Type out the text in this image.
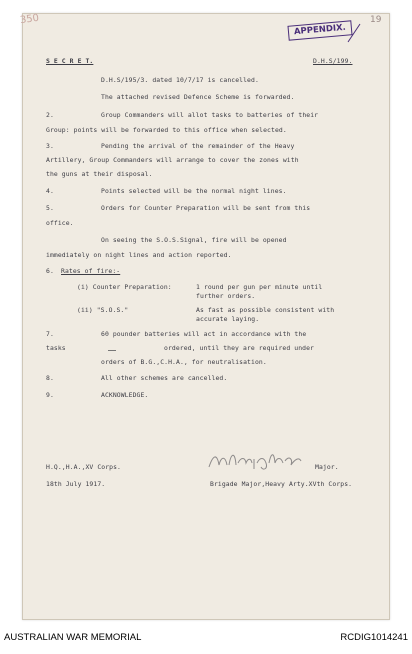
350	19
APPENDIX.
S E C R E T.	D.H.S/199.
D.H.S/195/3. dated 10/7/17 is cancelled.
The attached revised Defence Scheme is forwarded.
2.	Group Commanders will allot tasks to batteries of their
Group: points will be forwarded to this office when selected.
3.	Pending the arrival of the remainder of the Heavy
Artillery, Group Commanders will arrange to cover the zones with
the guns at their disposal.
4.	Points selected will be the normal night lines.
5.	Orders for Counter Preparation will be sent from this
office.
On seeing the S.O.S.Signal, fire will be opened
immediately on night lines and action reported.
6. Rates of fire:-
(i) Counter Preparation:	1 round per gun per minute until
further orders.
(ii) "S.O.S."	As fast as possible consistent with
accurate laying.
7.	60 pounder batteries will act in accordance with the
tasks	ordered, until they are required under
orders of B.G.,C.H.A., for neutralisation.
8.	All other schemes are cancelled.
9.	ACKNOWLEDGE.
H.Q.,H.A.,XV Corps.
18th July 1917.
Major.
Brigade Major,Heavy Arty.XVth Corps.
AUSTRALIAN WAR MEMORIAL	RCDIG1014241
